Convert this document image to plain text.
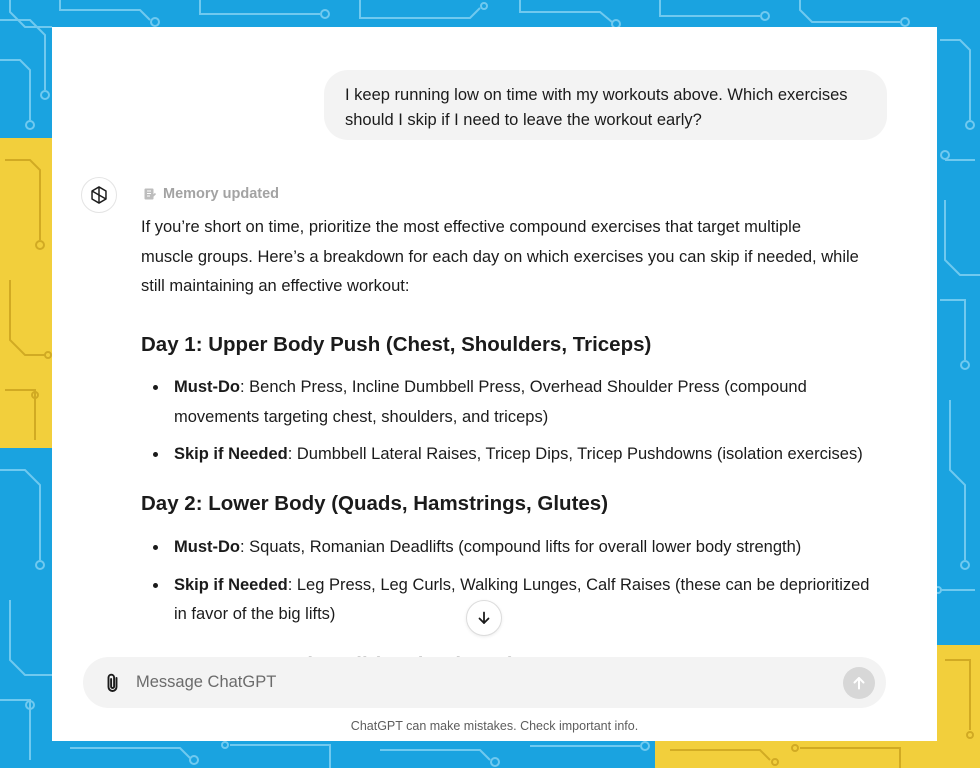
I keep running low on time with my workouts above. Which exercises
should I skip if I need to leave the workout early?
Memory updated

If you’re short on time, prioritize the most effective compound exercises that target multiple
muscle groups. Here’s a breakdown for each day on which exercises you can skip if needed, while
still maintaining an effective workout:

Day 1: Upper Body Push (Chest, Shoulders, Triceps)
Must-Do: Bench Press, Incline Dumbbell Press, Overhead Shoulder Press (compound
movements targeting chest, shoulders, and triceps)
Skip if Needed: Dumbbell Lateral Raises, Tricep Dips, Tricep Pushdowns (isolation exercises)
Day 2: Lower Body (Quads, Hamstrings, Glutes)
Must-Do: Squats, Romanian Deadlifts (compound lifts for overall lower body strength)
Skip if Needed: Leg Press, Leg Curls, Walking Lunges, Calf Raises (these can be deprioritized
in favor of the big lifts)
Message ChatGPT
ChatGPT can make mistakes. Check important info.
